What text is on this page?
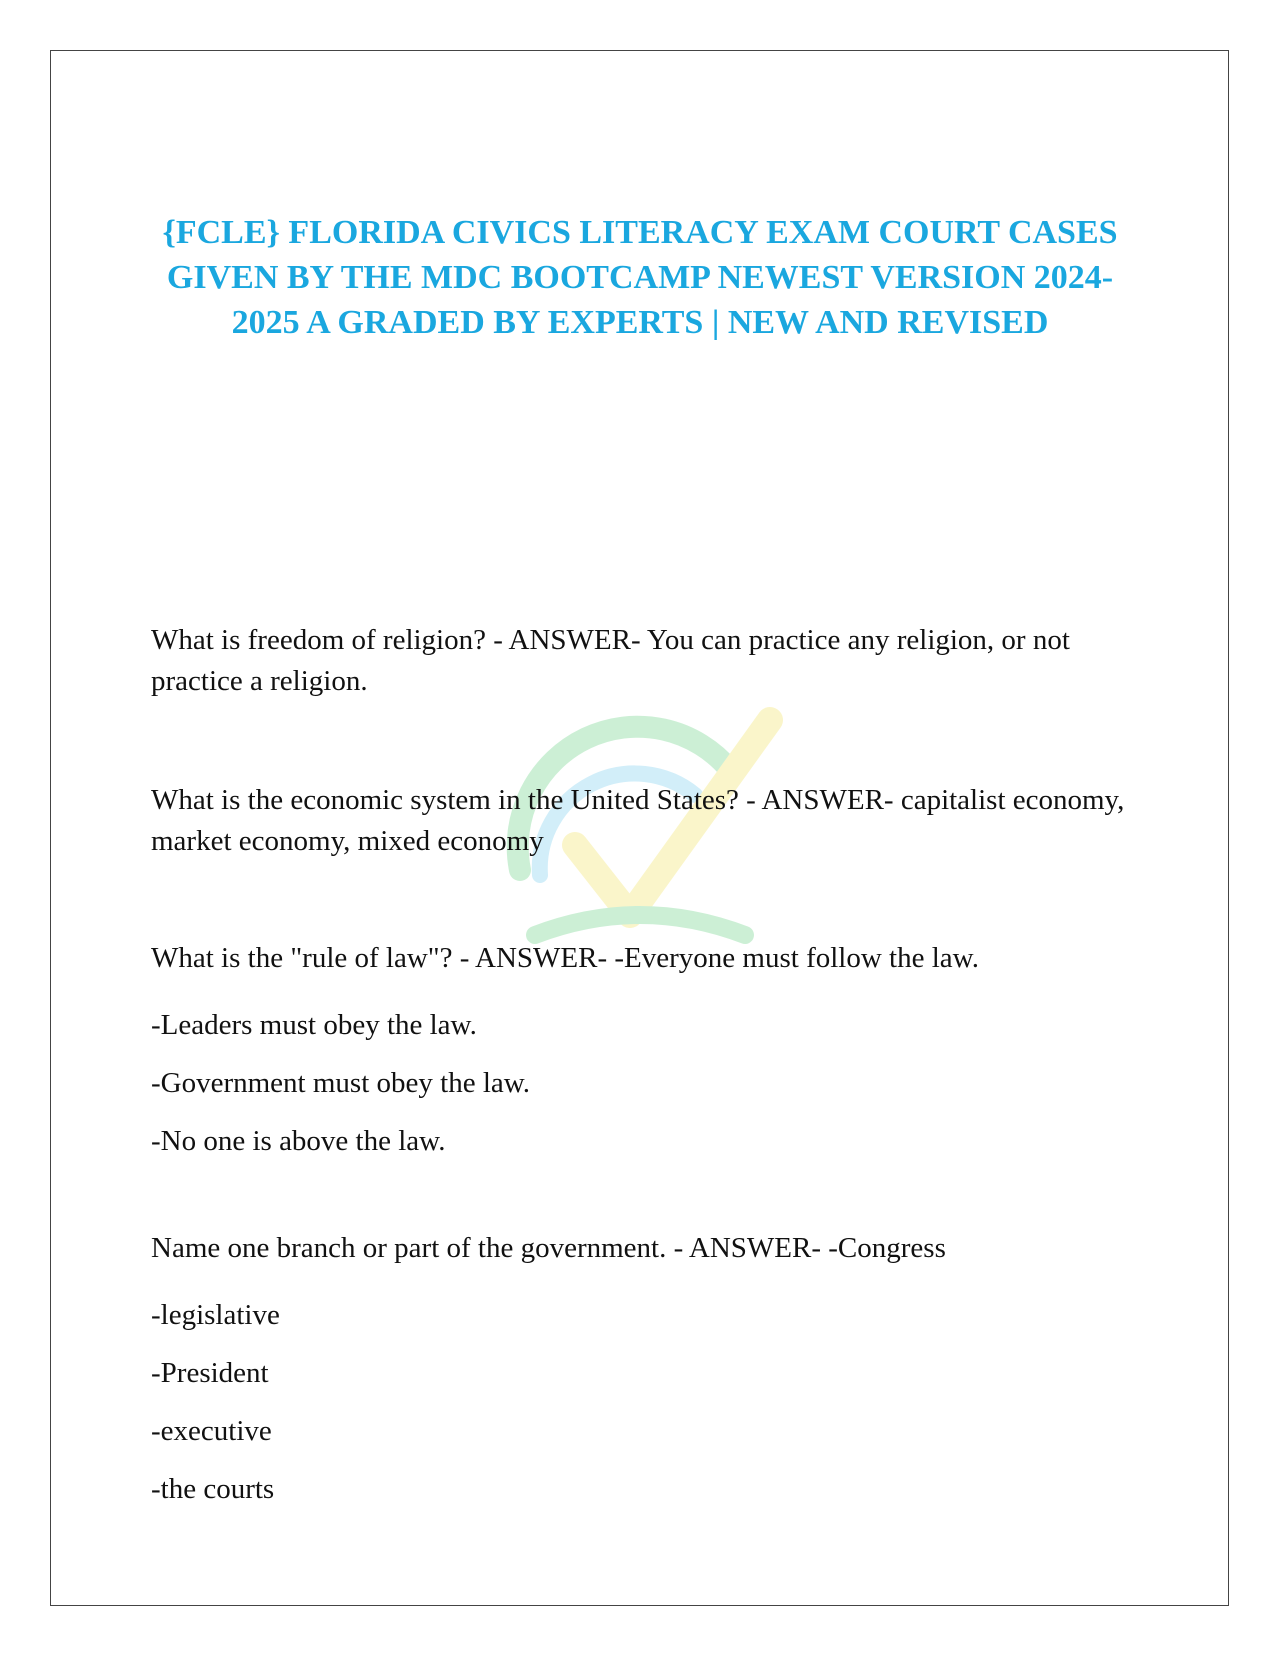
{FCLE} FLORIDA CIVICS LITERACY EXAM COURT CASES GIVEN BY THE MDC BOOTCAMP NEWEST VERSION 2024-2025 A GRADED BY EXPERTS | NEW AND REVISED

What is freedom of religion? - ANSWER- You can practice any religion, or not practice a religion.

What is the economic system in the United States? - ANSWER- capitalist economy, market economy, mixed economy

What is the "rule of law"? - ANSWER- -Everyone must follow the law.

-Leaders must obey the law.

-Government must obey the law.

-No one is above the law.

Name one branch or part of the government. - ANSWER- -Congress

-legislative

-President

-executive

-the courts
